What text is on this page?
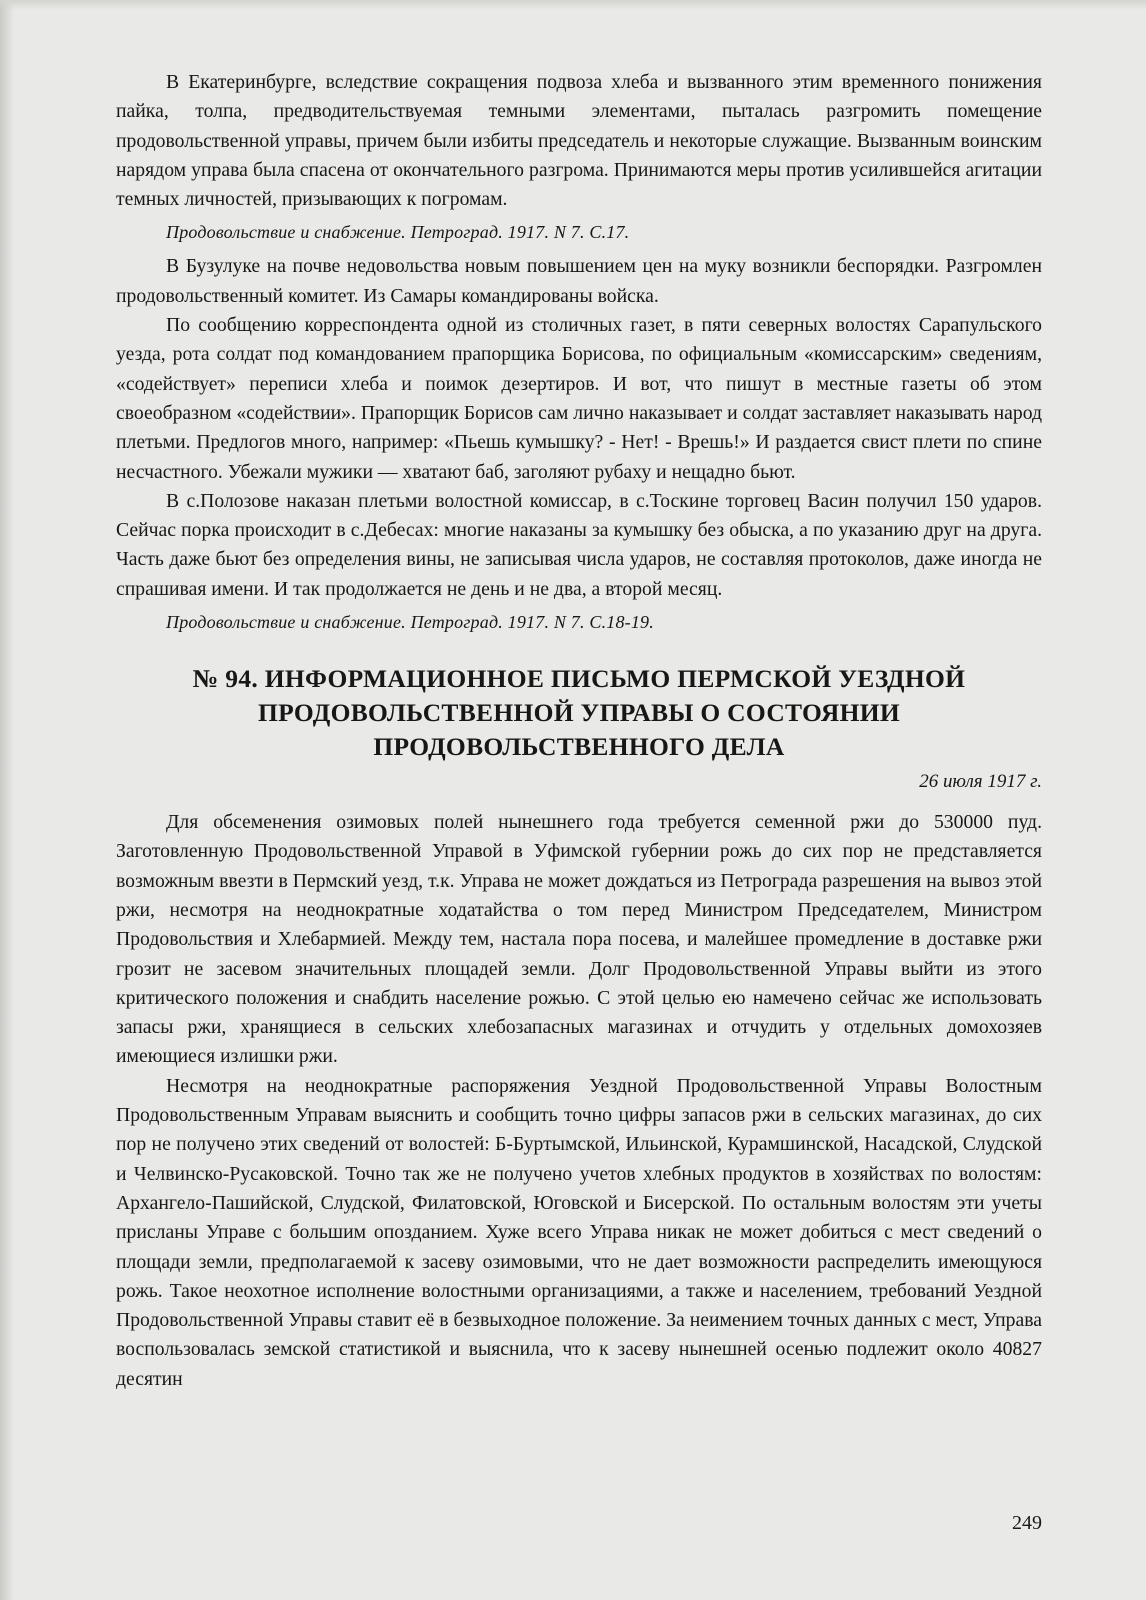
В Екатеринбурге, вследствие сокращения подвоза хлеба и вызванного этим временного понижения пайка, толпа, предводительствуемая темными элементами, пыталась разгромить помещение продовольственной управы, причем были избиты председатель и некоторые служащие. Вызванным воинским нарядом управа была спасена от окончательного разгрома. Принимаются меры против усилившейся агитации темных личностей, призывающих к погромам.

Продовольствие и снабжение. Петроград. 1917. N 7. С.17.

В Бузулуке на почве недовольства новым повышением цен на муку возникли беспорядки. Разгромлен продовольственный комитет. Из Самары командированы войска.

По сообщению корреспондента одной из столичных газет, в пяти северных волостях Сарапульского уезда, рота солдат под командованием прапорщика Борисова, по официальным «комиссарским» сведениям, «содействует» переписи хлеба и поимок дезертиров. И вот, что пишут в местные газеты об этом своеобразном «содействии». Прапорщик Борисов сам лично наказывает и солдат заставляет наказывать народ плетьми. Предлогов много, например: «Пьешь кумышку? - Нет! - Врешь!» И раздается свист плети по спине несчастного. Убежали мужики — хватают баб, заголяют рубаху и нещадно бьют.

В с.Полозове наказан плетьми волостной комиссар, в с.Тоскине торговец Васин получил 150 ударов. Сейчас порка происходит в с.Дебесах: многие наказаны за кумышку без обыска, а по указанию друг на друга. Часть даже бьют без определения вины, не записывая числа ударов, не составляя протоколов, даже иногда не спрашивая имени. И так продолжается не день и не два, а второй месяц.

Продовольствие и снабжение. Петроград. 1917. N 7. С.18-19.

№ 94. ИНФОРМАЦИОННОЕ ПИСЬМО ПЕРМСКОЙ УЕЗДНОЙ
ПРОДОВОЛЬСТВЕННОЙ УПРАВЫ О СОСТОЯНИИ
ПРОДОВОЛЬСТВЕННОГО ДЕЛА
26 июля 1917 г.

Для обсеменения озимовых полей нынешнего года требуется семенной ржи до 530000 пуд. Заготовленную Продовольственной Управой в Уфимской губернии рожь до сих пор не представляется возможным ввезти в Пермский уезд, т.к. Управа не может дождаться из Петрограда разрешения на вывоз этой ржи, несмотря на неоднократные ходатайства о том перед Министром Председателем, Министром Продовольствия и Хлебармией. Между тем, настала пора посева, и малейшее промедление в доставке ржи грозит не засевом значительных площадей земли. Долг Продовольственной Управы выйти из этого критического положения и снабдить население рожью. С этой целью ею намечено сейчас же использовать запасы ржи, хранящиеся в сельских хлебозапасных магазинах и отчудить у отдельных домохозяев имеющиеся излишки ржи.

Несмотря на неоднократные распоряжения Уездной Продовольственной Управы Волостным Продовольственным Управам выяснить и сообщить точно цифры запасов ржи в сельских магазинах, до сих пор не получено этих сведений от волостей: Б-Буртымской, Ильинской, Курамшинской, Насадской, Слудской и Челвинско-Русаковской. Точно так же не получено учетов хлебных продуктов в хозяйствах по волостям: Архангело-Пашийской, Слудской, Филатовской, Юговской и Бисерской. По остальным волостям эти учеты присланы Управе с большим опозданием. Хуже всего Управа никак не может добиться с мест сведений о площади земли, предполагаемой к засеву озимовыми, что не дает возможности распределить имеющуюся рожь. Такое неохотное исполнение волостными организациями, а также и населением, требований Уездной Продовольственной Управы ставит её в безвыходное положение. За неимением точных данных с мест, Управа воспользовалась земской статистикой и выяснила, что к засеву нынешней осенью подлежит около 40827 десятин

249
